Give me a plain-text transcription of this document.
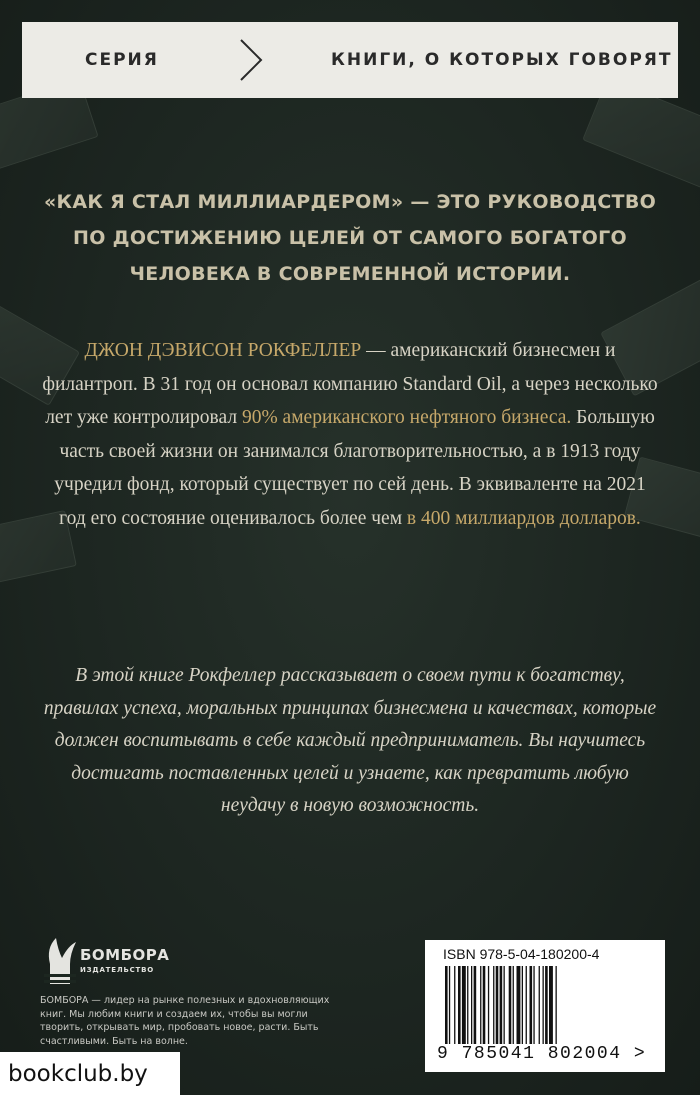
СЕРИЯ	КНИГИ, О КОТОРЫХ ГОВОРЯТ
«КАК Я СТАЛ МИЛЛИАРДЕРОМ» — ЭТО РУКОВОДСТВО
ПО ДОСТИЖЕНИЮ ЦЕЛЕЙ ОТ САМОГО БОГАТОГО
ЧЕЛОВЕКА В СОВРЕМЕННОЙ ИСТОРИИ.
ДЖОН ДЭВИСОН РОКФЕЛЛЕР — американский бизнесмен и филантроп. В 31 год он основал компанию Standard Oil, а через несколько лет уже контролировал 90% американского нефтяного бизнеса. Большую часть своей жизни он занимался благотворительностью, а в 1913 году учредил фонд, который существует по сей день. В эквиваленте на 2021 год его состояние оценивалось более чем в 400 миллиардов долларов.
В этой книге Рокфеллер рассказывает о своем пути к богатству, правилах успеха, моральных принципах бизнесмена и качествах, которые должен воспитывать в себе каждый предприниматель. Вы научитесь достигать поставленных целей и узнаете, как превратить любую неудачу в новую возможность.
БОМБОРА
ИЗДАТЕЛЬСТВО
БОМБОРА — лидер на рынке полезных и вдохновляющих книг. Мы любим книги и создаем их, чтобы вы могли творить, открывать мир, пробовать новое, расти. Быть счастливыми. Быть на волне.
ISBN 978-5-04-180200-4
9 785041 802004 >
bookclub.by
